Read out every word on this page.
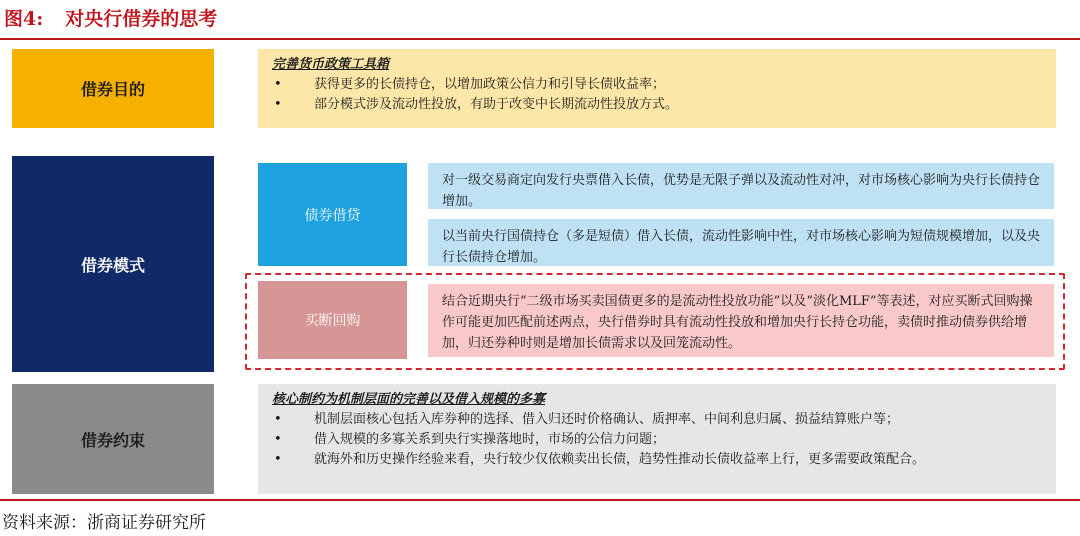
图4: 对央行借券的思考
借券目的
完善货币政策工具箱
•	获得更多的长债持仓，以增加政策公信力和引导长债收益率；
•	部分模式涉及流动性投放，有助于改变中长期流动性投放方式。
借券模式
债券借贷
对一级交易商定向发行央票借入长债，优势是无限子弹以及流动性对冲，对市场核心影响为央行长债持仓增加。
以当前央行国债持仓（多是短债）借入长债，流动性影响中性，对市场核心影响为短债规模增加，以及央行长债持仓增加。
买断回购
结合近期央行“二级市场买卖国债更多的是流动性投放功能”以及“淡化MLF”等表述，对应买断式回购操作可能更加匹配前述两点，央行借券时具有流动性投放和增加央行长持仓功能，卖债时推动债券供给增加，归还券种时则是增加长债需求以及回笼流动性。
借券约束
核心制约为机制层面的完善以及借入规模的多寡
•	机制层面核心包括入库券种的选择、借入归还时价格确认、质押率、中间利息归属、损益结算账户等；
•	借入规模的多寡关系到央行实操落地时，市场的公信力问题；
•	就海外和历史操作经验来看，央行较少仅依赖卖出长债，趋势性推动长债收益率上行，更多需要政策配合。
资料来源：浙商证券研究所
